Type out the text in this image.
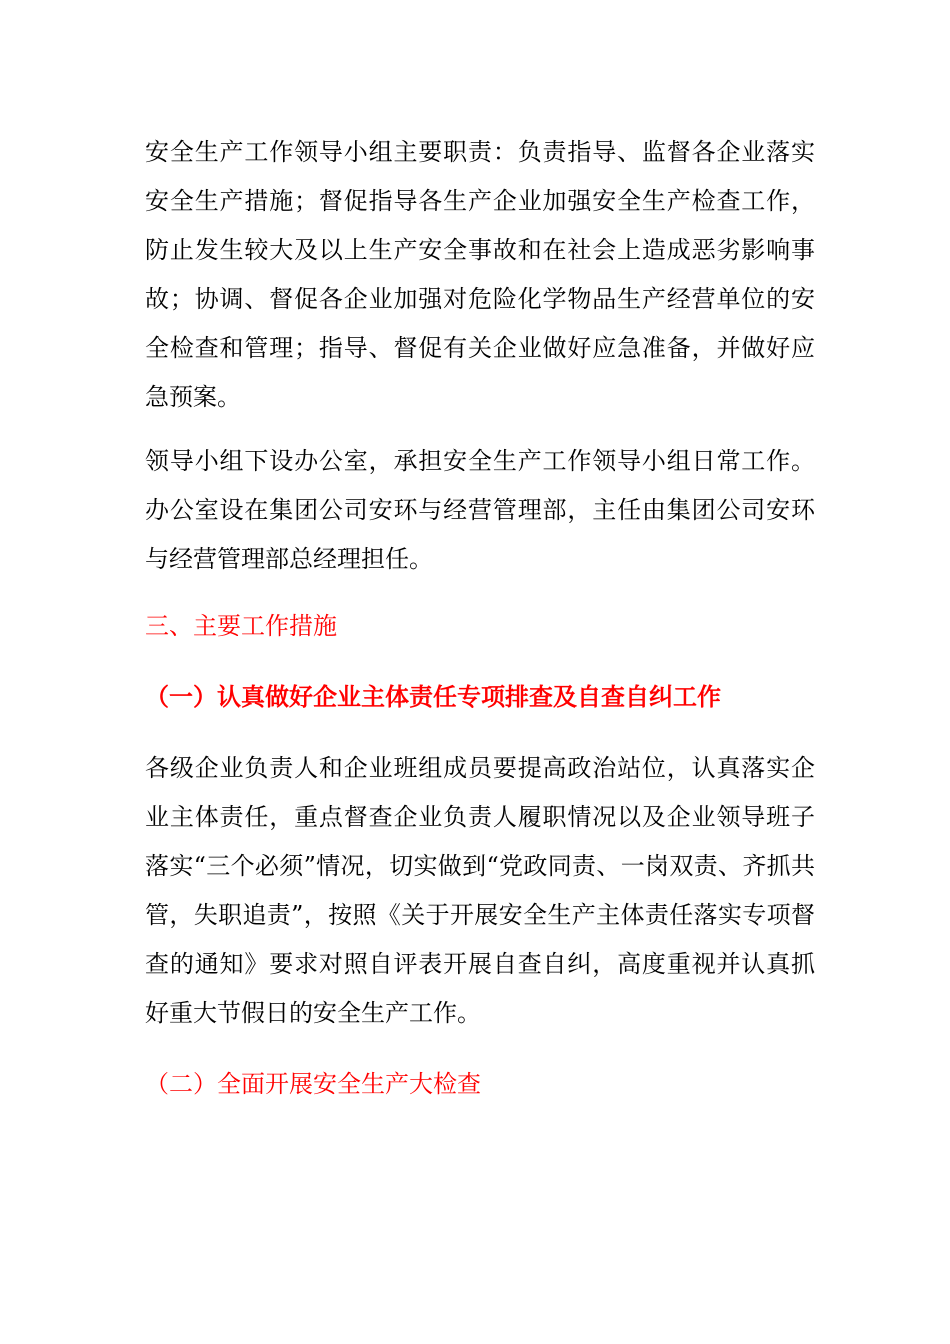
安全生产工作领导小组主要职责：负责指导、监督各企业落实安全生产措施；督促指导各生产企业加强安全生产检查工作，防止发生较大及以上生产安全事故和在社会上造成恶劣影响事故；协调、督促各企业加强对危险化学物品生产经营单位的安全检查和管理；指导、督促有关企业做好应急准备，并做好应急预案。

领导小组下设办公室，承担安全生产工作领导小组日常工作。办公室设在集团公司安环与经营管理部，主任由集团公司安环与经营管理部总经理担任。

三、主要工作措施

（一）认真做好企业主体责任专项排查及自查自纠工作

各级企业负责人和企业班组成员要提高政治站位，认真落实企业主体责任，重点督查企业负责人履职情况以及企业领导班子落实“三个必须”情况，切实做到“党政同责、一岗双责、齐抓共管，失职追责”，按照《关于开展安全生产主体责任落实专项督查的通知》要求对照自评表开展自查自纠，高度重视并认真抓好重大节假日的安全生产工作。

（二）全面开展安全生产大检查
